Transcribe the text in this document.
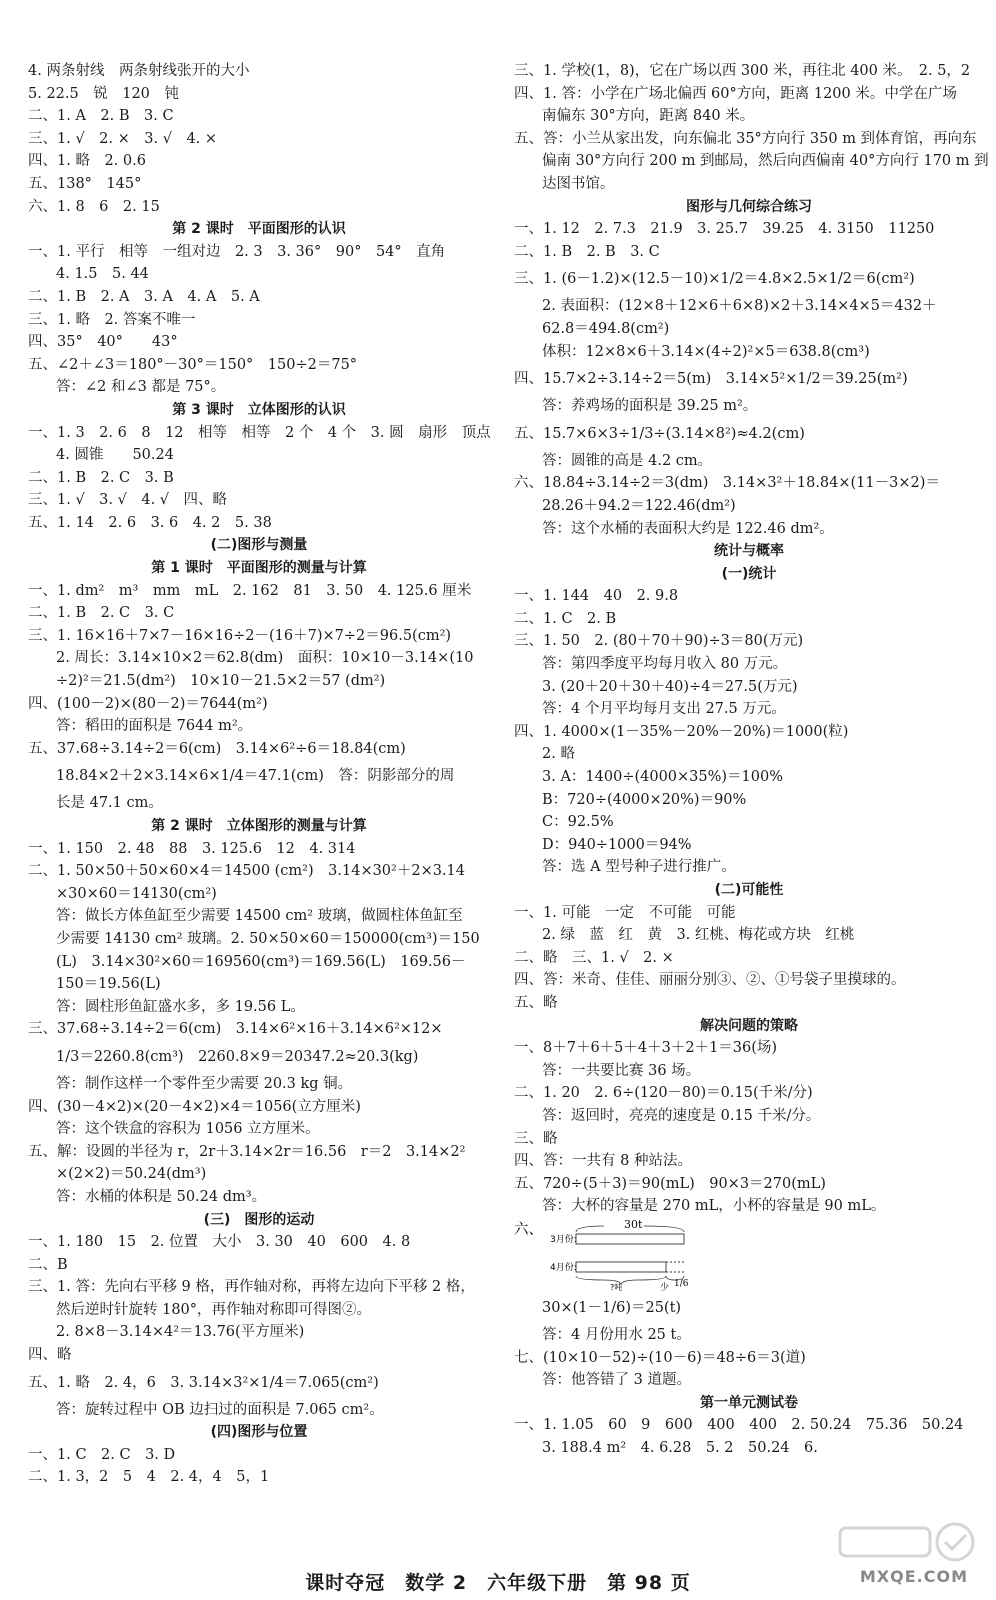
4. 两条射线　两条射线张开的大小
5. 22.5　锐　120　钝
二、1. A　2. B　3. C
三、1. √　2. ×　3. √　4. ×
四、1. 略　2. 0.6
五、138°　145°
六、1. 8　6　2. 15
第 2 课时　平面图形的认识
一、1. 平行　相等　一组对边　2. 3　3. 36°　90°　54°　直角
4. 1.5　5. 44
二、1. B　2. A　3. A　4. A　5. A
三、1. 略　2. 答案不唯一
四、35°　40°　　43°
五、∠2＋∠3＝180°－30°＝150°　150÷2＝75°
答：∠2 和∠3 都是 75°。
第 3 课时　立体图形的认识
一、1. 3　2. 6　8　12　相等　相等　2 个　4 个　3. 圆　扇形　顶点
4. 圆锥　　50.24
二、1. B　2. C　3. B
三、1. √　3. √　4. √　四、略
五、1. 14　2. 6　3. 6　4. 2　5. 38
(二)图形与测量
第 1 课时　平面图形的测量与计算
一、1. dm²　m³　mm　mL　2. 162　81　3. 50　4. 125.6 厘米
二、1. B　2. C　3. C
三、1. 16×16＋7×7－16×16÷2－(16＋7)×7÷2＝96.5(cm²)
2. 周长：3.14×10×2＝62.8(dm)　面积：10×10－3.14×(10
÷2)²＝21.5(dm²)　10×10－21.5×2＝57 (dm²)
四、(100－2)×(80－2)＝7644(m²)
答：稻田的面积是 7644 m²。
五、37.68÷3.14÷2＝6(cm)　3.14×6²÷6＝18.84(cm)
18.84×2＋2×3.14×6×1/4＝47.1(cm)　答：阴影部分的周
长是 47.1 cm。
第 2 课时　立体图形的测量与计算
一、1. 150　2. 48　88　3. 125.6　12　4. 314
二、1. 50×50＋50×60×4＝14500 (cm²)　3.14×30²＋2×3.14
×30×60＝14130(cm²)
答：做长方体鱼缸至少需要 14500 cm² 玻璃，做圆柱体鱼缸至
少需要 14130 cm² 玻璃。2. 50×50×60＝150000(cm³)＝150
(L)　3.14×30²×60＝169560(cm³)＝169.56(L)　169.56－
150＝19.56(L)
答：圆柱形鱼缸盛水多，多 19.56 L。
三、37.68÷3.14÷2＝6(cm)　3.14×6²×16＋3.14×6²×12×
1/3＝2260.8(cm³)　2260.8×9＝20347.2≈20.3(kg)
答：制作这样一个零件至少需要 20.3 kg 铜。
四、(30－4×2)×(20－4×2)×4＝1056(立方厘米)
答：这个铁盒的容积为 1056 立方厘米。
五、解：设圆的半径为 r，2r＋3.14×2r＝16.56　r＝2　3.14×2²
×(2×2)＝50.24(dm³)
答：水桶的体积是 50.24 dm³。
(三)　图形的运动
一、1. 180　15　2. 位置　大小　3. 30　40　600　4. 8
二、B
三、1. 答：先向右平移 9 格，再作轴对称，再将左边向下平移 2 格，
然后逆时针旋转 180°，再作轴对称即可得图②。
2. 8×8－3.14×4²＝13.76(平方厘米)
四、略
五、1. 略　2. 4，6　3. 3.14×3²×1/4＝7.065(cm²)
答：旋转过程中 OB 边扫过的面积是 7.065 cm²。
(四)图形与位置
一、1. C　2. C　3. D
二、1. 3，2　5　4　2. 4，4　5，1
三、1. 学校(1，8)，它在广场以西 300 米，再往北 400 米。　2. 5，2
四、1. 答：小学在广场北偏西 60°方向，距离 1200 米。中学在广场
南偏东 30°方向，距离 840 米。
五、答：小兰从家出发，向东偏北 35°方向行 350 m 到体育馆，再向东
偏南 30°方向行 200 m 到邮局，然后向西偏南 40°方向行 170 m 到
达图书馆。
图形与几何综合练习
一、1. 12　2. 7.3　21.9　3. 25.7　39.25　4. 3150　11250
二、1. B　2. B　3. C
三、1. (6－1.2)×(12.5－10)×1/2＝4.8×2.5×1/2＝6(cm²)
2. 表面积：(12×8＋12×6＋6×8)×2＋3.14×4×5＝432＋
62.8＝494.8(cm²)
体积：12×8×6＋3.14×(4÷2)²×5＝638.8(cm³)
四、15.7×2÷3.14÷2＝5(m)　3.14×5²×1/2＝39.25(m²)
答：养鸡场的面积是 39.25 m²。
五、15.7×6×3÷1/3÷(3.14×8²)≈4.2(cm)
答：圆锥的高是 4.2 cm。
六、18.84÷3.14÷2＝3(dm)　3.14×3²＋18.84×(11－3×2)＝
28.26＋94.2＝122.46(dm²)
答：这个水桶的表面积大约是 122.46 dm²。
统计与概率
(一)统计
一、1. 144　40　2. 9.8
二、1. C　2. B
三、1. 50　2. (80＋70＋90)÷3＝80(万元)
答：第四季度平均每月收入 80 万元。
3. (20＋20＋30＋40)÷4＝27.5(万元)
答：4 个月平均每月支出 27.5 万元。
四、1. 4000×(1－35%－20%－20%)＝1000(粒)
2. 略
3. A：1400÷(4000×35%)＝100%
B：720÷(4000×20%)＝90%
C：92.5%
D：940÷1000＝94%
答：选 A 型号种子进行推广。
(二)可能性
一、1. 可能　一定　不可能　可能
2. 绿　蓝　红　黄　3. 红桃、梅花或方块　红桃
二、略　三、1. √　2. ×
四、答：米奇、佳佳、丽丽分别③、②、①号袋子里摸球的。
五、略
解决问题的策略
一、8＋7＋6＋5＋4＋3＋2＋1＝36(场)
答：一共要比赛 36 场。
二、1. 20　2. 6÷(120－80)＝0.15(千米/分)
答：返回时，亮亮的速度是 0.15 千米/分。
三、略
四、答：一共有 8 种站法。
五、720÷(5＋3)＝90(mL)　90×3＝270(mL)
答：大杯的容量是 270 mL，小杯的容量是 90 mL。
六、	30t
3月份:
4月份:
?吨	少 1/6
30×(1－1/6)＝25(t)
答：4 月份用水 25 t。
七、(10×10－52)÷(10－6)＝48÷6＝3(道)
答：他答错了 3 道题。
第一单元测试卷
一、1. 1.05　60　9　600　400　400　2. 50.24　75.36　50.24
3. 188.4 m²　4. 6.28　5. 2　50.24　6.
课时夺冠　数学 2　六年级下册　第 98 页	MXQE.COM
